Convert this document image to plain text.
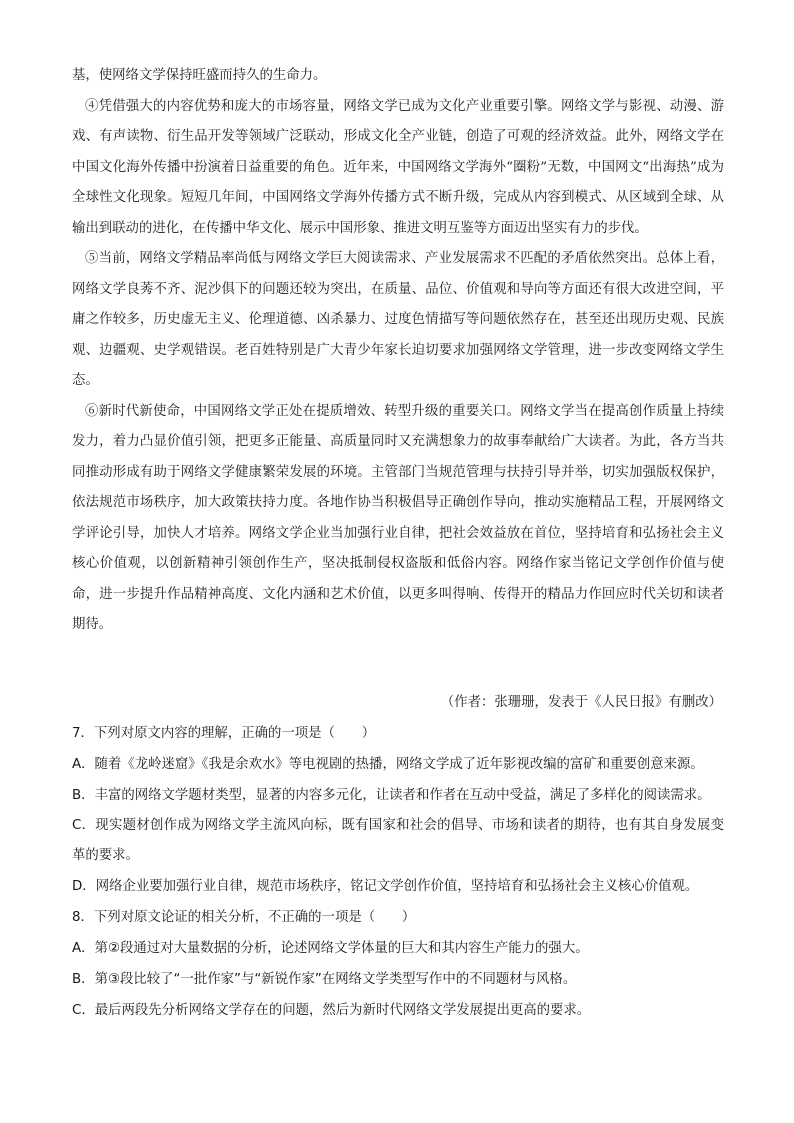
基，使网络文学保持旺盛而持久的生命力。

④凭借强大的内容优势和庞大的市场容量，网络文学已成为文化产业重要引擎。网络文学与影视、动漫、游戏、有声读物、衍生品开发等领域广泛联动，形成文化全产业链，创造了可观的经济效益。此外，网络文学在中国文化海外传播中扮演着日益重要的角色。近年来，中国网络文学海外“圈粉”无数，中国网文“出海热”成为全球性文化现象。短短几年间，中国网络文学海外传播方式不断升级，完成从内容到模式、从区域到全球、从输出到联动的进化，在传播中华文化、展示中国形象、推进文明互鉴等方面迈出坚实有力的步伐。

⑤当前，网络文学精品率尚低与网络文学巨大阅读需求、产业发展需求不匹配的矛盾依然突出。总体上看，网络文学良莠不齐、泥沙俱下的问题还较为突出，在质量、品位、价值观和导向等方面还有很大改进空间，平庸之作较多，历史虚无主义、伦理道德、凶杀暴力、过度色情描写等问题依然存在，甚至还出现历史观、民族观、边疆观、史学观错误。老百姓特别是广大青少年家长迫切要求加强网络文学管理，进一步改变网络文学生态。

⑥新时代新使命，中国网络文学正处在提质增效、转型升级的重要关口。网络文学当在提高创作质量上持续发力，着力凸显价值引领，把更多正能量、高质量同时又充满想象力的故事奉献给广大读者。为此，各方当共同推动形成有助于网络文学健康繁荣发展的环境。主管部门当规范管理与扶持引导并举，切实加强版权保护，依法规范市场秩序，加大政策扶持力度。各地作协当积极倡导正确创作导向，推动实施精品工程，开展网络文学评论引导，加快人才培养。网络文学企业当加强行业自律，把社会效益放在首位，坚持培育和弘扬社会主义核心价值观，以创新精神引领创作生产，坚决抵制侵权盗版和低俗内容。网络作家当铭记文学创作价值与使命，进一步提升作品精神高度、文化内涵和艺术价值，以更多叫得响、传得开的精品力作回应时代关切和读者期待。

（作者：张珊珊，发表于《人民日报》有删改）

7．下列对原文内容的理解，正确的一项是（　　）

A．随着《龙岭迷窟》《我是余欢水》等电视剧的热播，网络文学成了近年影视改编的富矿和重要创意来源。

B．丰富的网络文学题材类型，显著的内容多元化，让读者和作者在互动中受益，满足了多样化的阅读需求。

C．现实题材创作成为网络文学主流风向标，既有国家和社会的倡导、市场和读者的期待，也有其自身发展变革的要求。

D．网络企业要加强行业自律，规范市场秩序，铭记文学创作价值，坚持培育和弘扬社会主义核心价值观。

8．下列对原文论证的相关分析，不正确的一项是（　　）

A．第②段通过对大量数据的分析，论述网络文学体量的巨大和其内容生产能力的强大。

B．第③段比较了“一批作家”与“新锐作家”在网络文学类型写作中的不同题材与风格。

C．最后两段先分析网络文学存在的问题，然后为新时代网络文学发展提出更高的要求。
